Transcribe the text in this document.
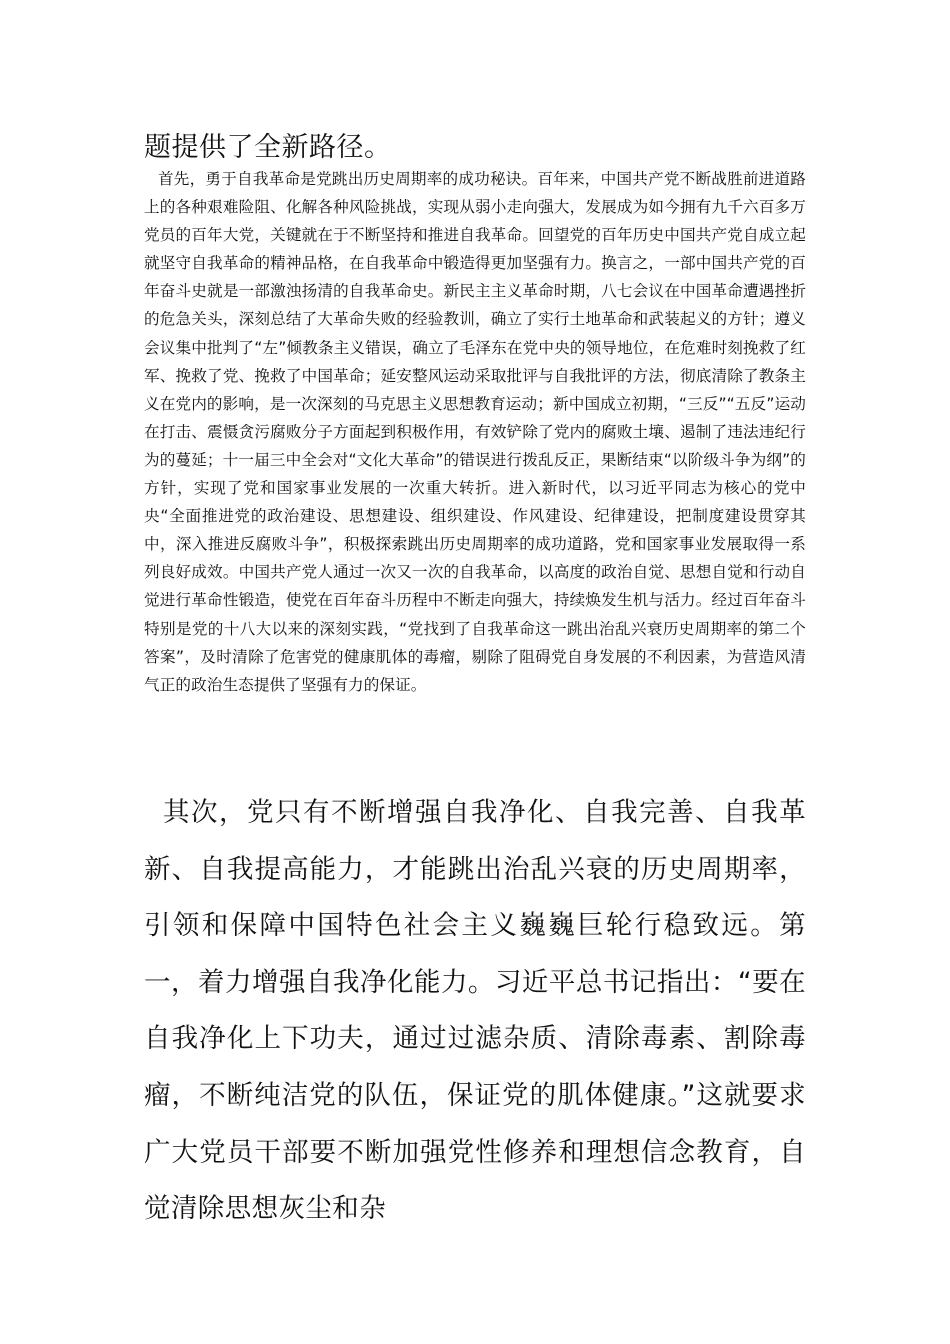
题提供了全新路径。

首先，勇于自我革命是党跳出历史周期率的成功秘诀。百年来，中国共产党不断战胜前进道路上的各种艰难险阻、化解各种风险挑战，实现从弱小走向强大，发展成为如今拥有九千六百多万党员的百年大党，关键就在于不断坚持和推进自我革命。回望党的百年历史中国共产党自成立起就坚守自我革命的精神品格，在自我革命中锻造得更加坚强有力。换言之，一部中国共产党的百年奋斗史就是一部激浊扬清的自我革命史。新民主主义革命时期，八七会议在中国革命遭遇挫折的危急关头，深刻总结了大革命失败的经验教训，确立了实行土地革命和武装起义的方针；遵义会议集中批判了“左”倾教条主义错误，确立了毛泽东在党中央的领导地位，在危难时刻挽救了红军、挽救了党、挽救了中国革命；延安整风运动采取批评与自我批评的方法，彻底清除了教条主义在党内的影响，是一次深刻的马克思主义思想教育运动；新中国成立初期，“三反”“五反”运动在打击、震慑贪污腐败分子方面起到积极作用，有效铲除了党内的腐败土壤、遏制了违法违纪行为的蔓延；十一届三中全会对“文化大革命”的错误进行拨乱反正，果断结束“以阶级斗争为纲”的方针，实现了党和国家事业发展的一次重大转折。进入新时代，以习近平同志为核心的党中央“全面推进党的政治建设、思想建设、组织建设、作风建设、纪律建设，把制度建设贯穿其中，深入推进反腐败斗争”，积极探索跳出历史周期率的成功道路，党和国家事业发展取得一系列良好成效。中国共产党人通过一次又一次的自我革命，以高度的政治自觉、思想自觉和行动自觉进行革命性锻造，使党在百年奋斗历程中不断走向强大，持续焕发生机与活力。经过百年奋斗特别是党的十八大以来的深刻实践，“党找到了自我革命这一跳出治乱兴衰历史周期率的第二个答案”，及时清除了危害党的健康肌体的毒瘤，剔除了阻碍党自身发展的不利因素，为营造风清气正的政治生态提供了坚强有力的保证。

其次，党只有不断增强自我净化、自我完善、自我革新、自我提高能力，才能跳出治乱兴衰的历史周期率，引领和保障中国特色社会主义巍巍巨轮行稳致远。第一，着力增强自我净化能力。习近平总书记指出：“要在自我净化上下功夫，通过过滤杂质、清除毒素、割除毒瘤，不断纯洁党的队伍，保证党的肌体健康。”这就要求广大党员干部要不断加强党性修养和理想信念教育，自觉清除思想灰尘和杂
